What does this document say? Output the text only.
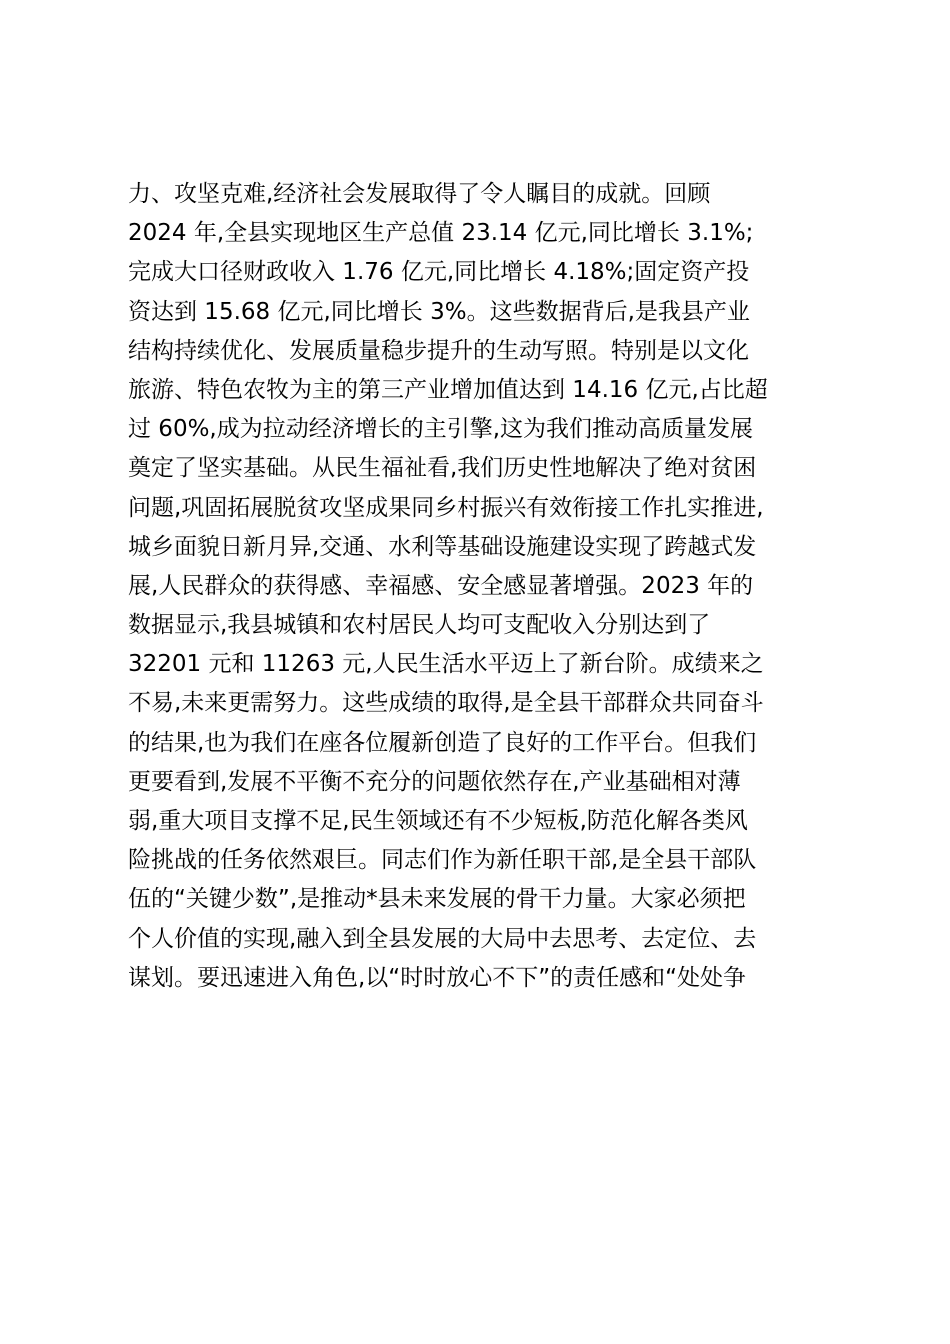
力、攻坚克难,经济社会发展取得了令人瞩目的成就。回顾
2024 年,全县实现地区生产总值 23.14 亿元,同比增长 3.1%;
完成大口径财政收入 1.76 亿元,同比增长 4.18%;固定资产投
资达到 15.68 亿元,同比增长 3%。这些数据背后,是我县产业
结构持续优化、发展质量稳步提升的生动写照。特别是以文化
旅游、特色农牧为主的第三产业增加值达到 14.16 亿元,占比超
过 60%,成为拉动经济增长的主引擎,这为我们推动高质量发展
奠定了坚实基础。从民生福祉看,我们历史性地解决了绝对贫困
问题,巩固拓展脱贫攻坚成果同乡村振兴有效衔接工作扎实推进,
城乡面貌日新月异,交通、水利等基础设施建设实现了跨越式发
展,人民群众的获得感、幸福感、安全感显著增强。2023 年的
数据显示,我县城镇和农村居民人均可支配收入分别达到了
32201 元和 11263 元,人民生活水平迈上了新台阶。成绩来之
不易,未来更需努力。这些成绩的取得,是全县干部群众共同奋斗
的结果,也为我们在座各位履新创造了良好的工作平台。但我们
更要看到,发展不平衡不充分的问题依然存在,产业基础相对薄
弱,重大项目支撑不足,民生领域还有不少短板,防范化解各类风
险挑战的任务依然艰巨。同志们作为新任职干部,是全县干部队
伍的“关键少数”,是推动*县未来发展的骨干力量。大家必须把
个人价值的实现,融入到全县发展的大局中去思考、去定位、去
谋划。要迅速进入角色,以“时时放心不下”的责任感和“处处争
